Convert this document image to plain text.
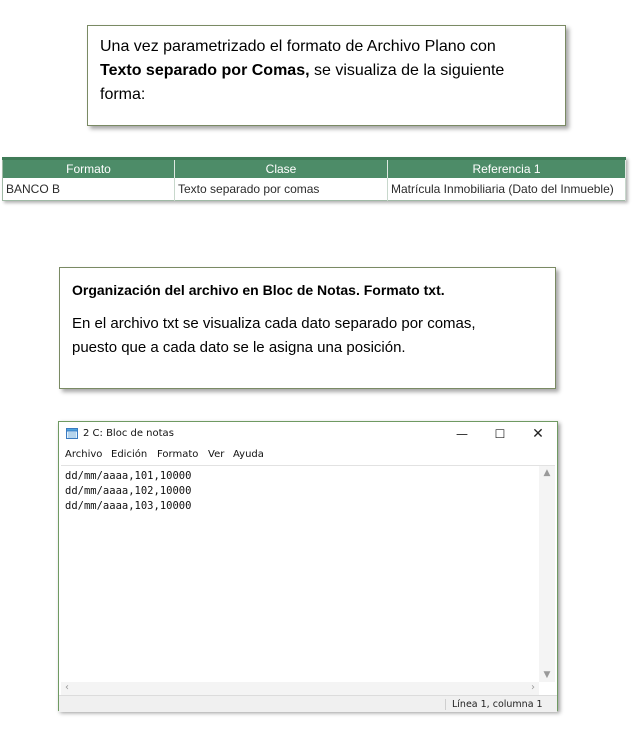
Una vez parametrizado el formato de Archivo Plano con
Texto separado por Comas, se visualiza de la siguiente
forma:
Formato	Clase	Referencia 1
BANCO B	Texto separado por comas	Matrícula Inmobiliaria (Dato del Inmueble)
Organización del archivo en Bloc de Notas. Formato txt.
En el archivo txt se visualiza cada dato separado por comas,
puesto que a cada dato se le asigna una posición.
2 C: Bloc de notas	—	☐	✕
Archivo Edición Formato Ver Ayuda
dd/mm/aaaa,101,10000
dd/mm/aaaa,102,10000
dd/mm/aaaa,103,10000
▲
▼
‹	›
Línea 1, columna 1
